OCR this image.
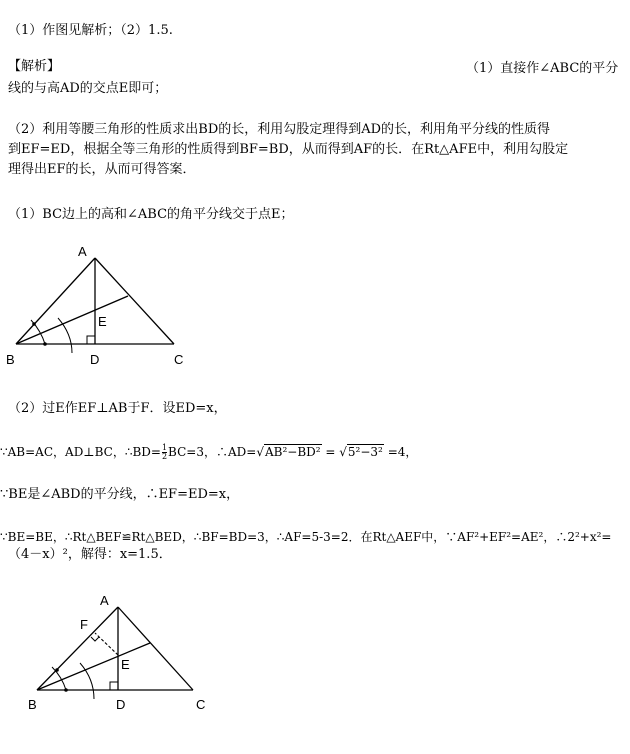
（1）作图见解析；（2）1.5.
【解析】	（1）直接作∠ABC的平分
线的与高AD的交点E即可；
（2）利用等腰三角形的性质求出BD的长，利用勾股定理得到AD的长，利用角平分线的性质得
到EF=ED，根据全等三角形的性质得到BF=BD，从而得到AF的长．在Rt△AFE中，利用勾股定
理得出EF的长，从而可得答案．
（1）BC边上的高和∠ABC的角平分线交于点E；
A
B	C
D
E
（2）过E作EF⊥AB于F．设ED=x，
∵AB=AC，AD⊥BC，∴BD= $\frac{1}{2} BC=3$，∴AD=√AB²−BD² = √5²−3² =4，
∵BE是∠ABD的平分线，∴EF=ED=x，
∵BE=BE，∴Rt△BEF≌Rt△BED，∴BF=BD=3，∴AF=5-3=2．在Rt△AEF中，∵AF²+EF²=AE²，∴2²+x²=
（4－x）²，解得：x=1.5．
A
F
E
B	D	C
